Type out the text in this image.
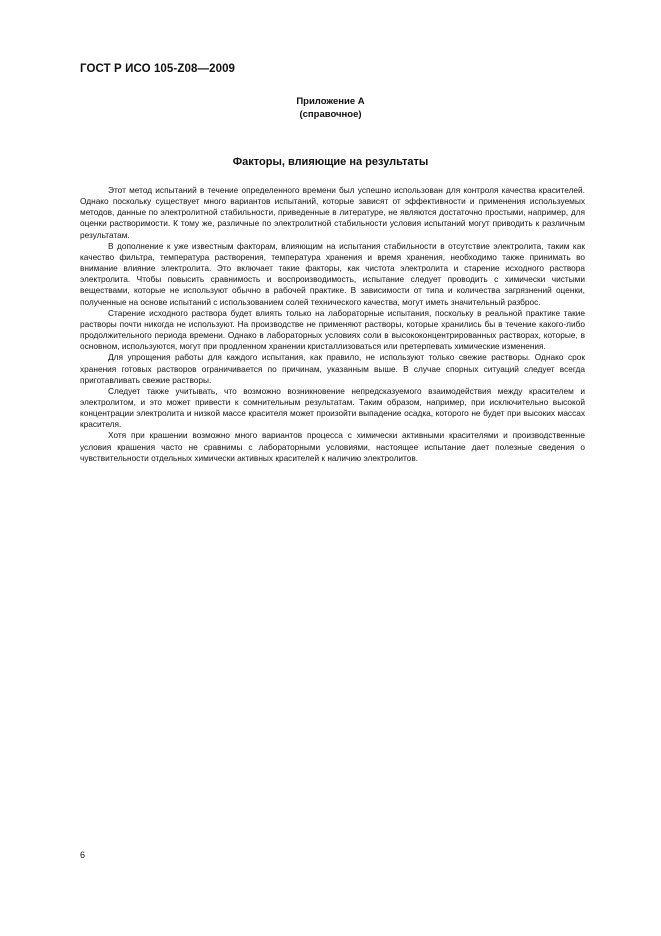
ГОСТ Р ИСО 105-Z08—2009
Приложение А
(справочное)
Факторы, влияющие на результаты

Этот метод испытаний в течение определенного времени был успешно использован для контроля качества красителей. Однако поскольку существует много вариантов испытаний, которые зависят от эффективности и применения используемых методов, данные по электролитной стабильности, приведенные в литературе, не являются достаточно простыми, например, для оценки растворимости. К тому же, различные по электролитной стабильности условия испытаний могут приводить к различным результатам.

В дополнение к уже известным факторам, влияющим на испытания стабильности в отсутствие электролита, таким как качество фильтра, температура растворения, температура хранения и время хранения, необходимо также принимать во внимание влияние электролита. Это включает такие факторы, как чистота электролита и старение исходного раствора электролита. Чтобы повысить сравнимость и воспроизводимость, испытание следует проводить с химически чистыми веществами, которые не используют обычно в рабочей практике. В зависимости от типа и количества загрязнений оценки, полученные на основе испытаний с использованием солей технического качества, могут иметь значительный разброс.

Старение исходного раствора будет влиять только на лабораторные испытания, поскольку в реальной практике такие растворы почти никогда не используют. На производстве не применяют растворы, которые хранились бы в течение какого-либо продолжительного периода времени. Однако в лабораторных условиях соли в высококонцентрированных растворах, которые, в основном, используются, могут при продленном хранении кристаллизоваться или претерпевать химические изменения.

Для упрощения работы для каждого испытания, как правило, не используют только свежие растворы. Однако срок хранения готовых растворов ограничивается по причинам, указанным выше. В случае спорных ситуаций следует всегда приготавливать свежие растворы.

Следует также учитывать, что возможно возникновение непредсказуемого взаимодействия между красителем и электролитом, и это может привести к сомнительным результатам. Таким образом, например, при исключительно высокой концентрации электролита и низкой массе красителя может произойти выпадение осадка, которого не будет при высоких массах красителя.

Хотя при крашении возможно много вариантов процесса с химически активными красителями и производственные условия крашения часто не сравнимы с лабораторными условиями, настоящее испытание дает полезные сведения о чувствительности отдельных химически активных красителей к наличию электролитов.

6
